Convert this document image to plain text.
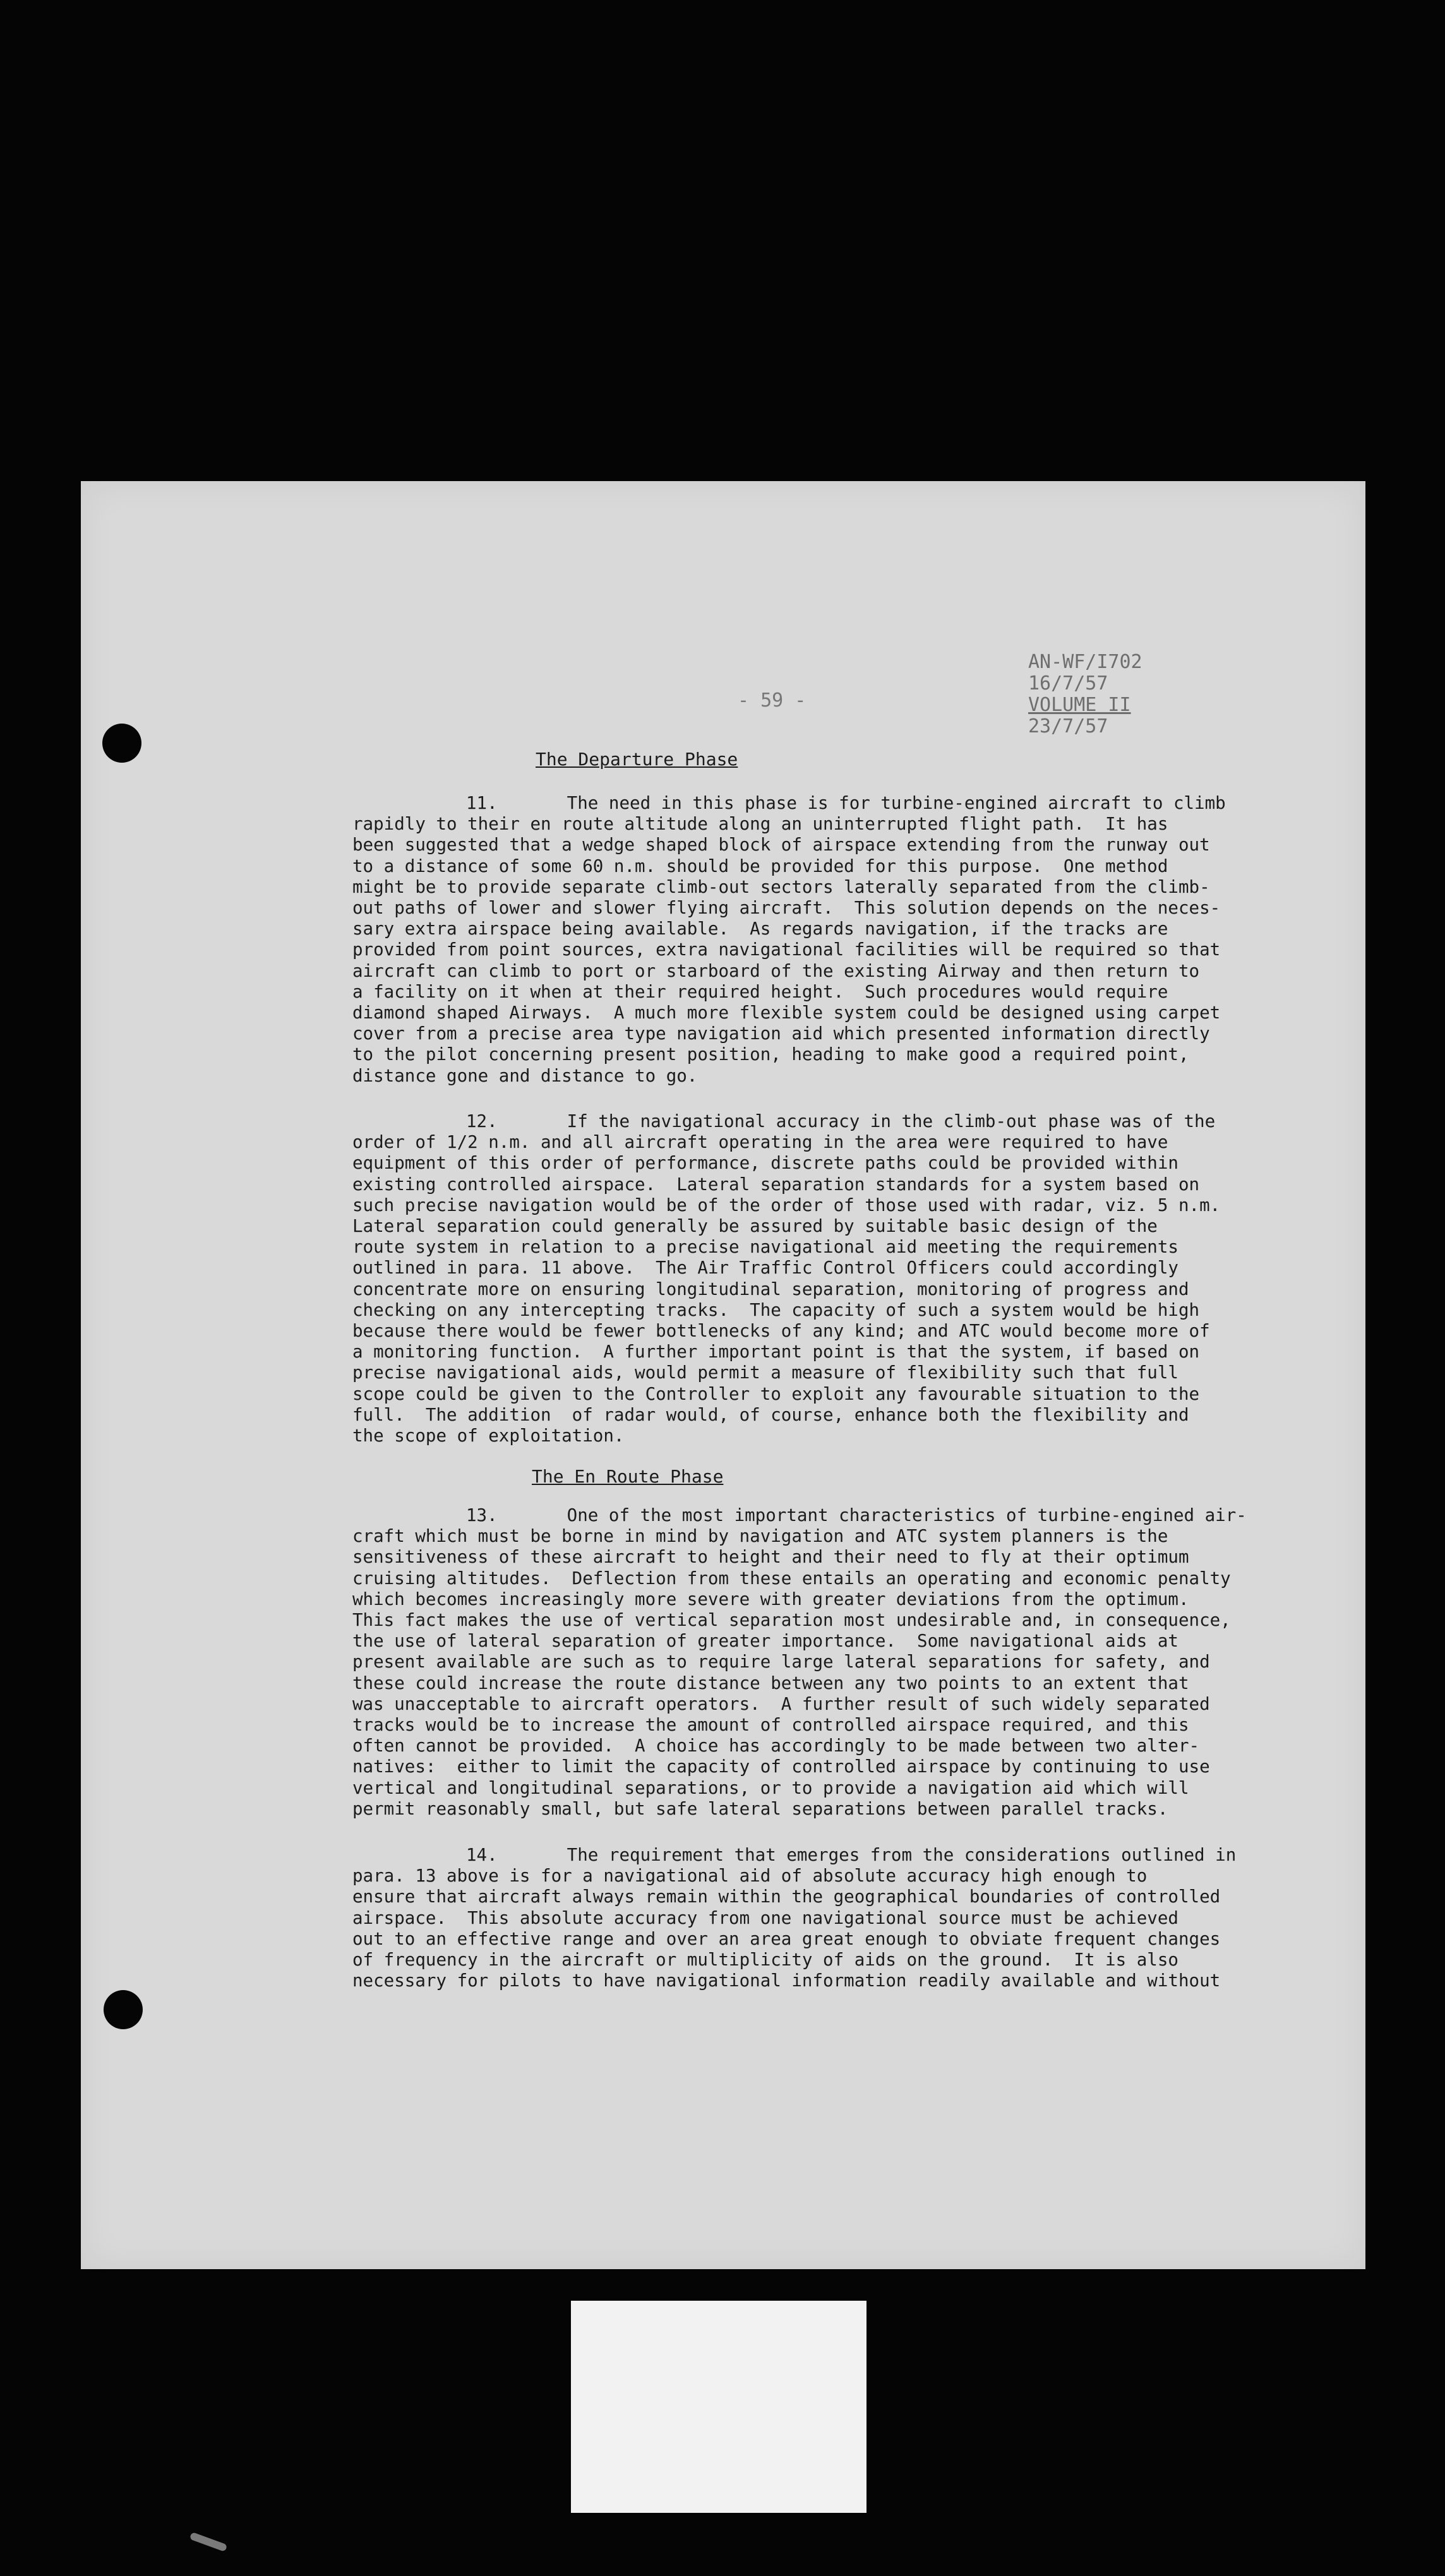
AN-WF/I702
16/7/57
VOLUME II
23/7/57
- 59 -
The Departure Phase
11.	The need in this phase is for turbine-engined aircraft to climb
rapidly to their en route altitude along an uninterrupted flight path.  It has
been suggested that a wedge shaped block of airspace extending from the runway out
to a distance of some 60 n.m. should be provided for this purpose.  One method
might be to provide separate climb-out sectors laterally separated from the climb-
out paths of lower and slower flying aircraft.  This solution depends on the neces-
sary extra airspace being available.  As regards navigation, if the tracks are
provided from point sources, extra navigational facilities will be required so that
aircraft can climb to port or starboard of the existing Airway and then return to
a facility on it when at their required height.  Such procedures would require
diamond shaped Airways.  A much more flexible system could be designed using carpet
cover from a precise area type navigation aid which presented information directly
to the pilot concerning present position, heading to make good a required point,
distance gone and distance to go.
12.	If the navigational accuracy in the climb-out phase was of the
order of 1/2 n.m. and all aircraft operating in the area were required to have
equipment of this order of performance, discrete paths could be provided within
existing controlled airspace.  Lateral separation standards for a system based on
such precise navigation would be of the order of those used with radar, viz. 5 n.m.
Lateral separation could generally be assured by suitable basic design of the
route system in relation to a precise navigational aid meeting the requirements
outlined in para. 11 above.  The Air Traffic Control Officers could accordingly
concentrate more on ensuring longitudinal separation, monitoring of progress and
checking on any intercepting tracks.  The capacity of such a system would be high
because there would be fewer bottlenecks of any kind; and ATC would become more of
a monitoring function.  A further important point is that the system, if based on
precise navigational aids, would permit a measure of flexibility such that full
scope could be given to the Controller to exploit any favourable situation to the
full.  The addition  of radar would, of course, enhance both the flexibility and
the scope of exploitation.
The En Route Phase
13.	One of the most important characteristics of turbine-engined air-
craft which must be borne in mind by navigation and ATC system planners is the
sensitiveness of these aircraft to height and their need to fly at their optimum
cruising altitudes.  Deflection from these entails an operating and economic penalty
which becomes increasingly more severe with greater deviations from the optimum.
This fact makes the use of vertical separation most undesirable and, in consequence,
the use of lateral separation of greater importance.  Some navigational aids at
present available are such as to require large lateral separations for safety, and
these could increase the route distance between any two points to an extent that
was unacceptable to aircraft operators.  A further result of such widely separated
tracks would be to increase the amount of controlled airspace required, and this
often cannot be provided.  A choice has accordingly to be made between two alter-
natives:  either to limit the capacity of controlled airspace by continuing to use
vertical and longitudinal separations, or to provide a navigation aid which will
permit reasonably small, but safe lateral separations between parallel tracks.
14.	The requirement that emerges from the considerations outlined in
para. 13 above is for a navigational aid of absolute accuracy high enough to
ensure that aircraft always remain within the geographical boundaries of controlled
airspace.  This absolute accuracy from one navigational source must be achieved
out to an effective range and over an area great enough to obviate frequent changes
of frequency in the aircraft or multiplicity of aids on the ground.  It is also
necessary for pilots to have navigational information readily available and without
